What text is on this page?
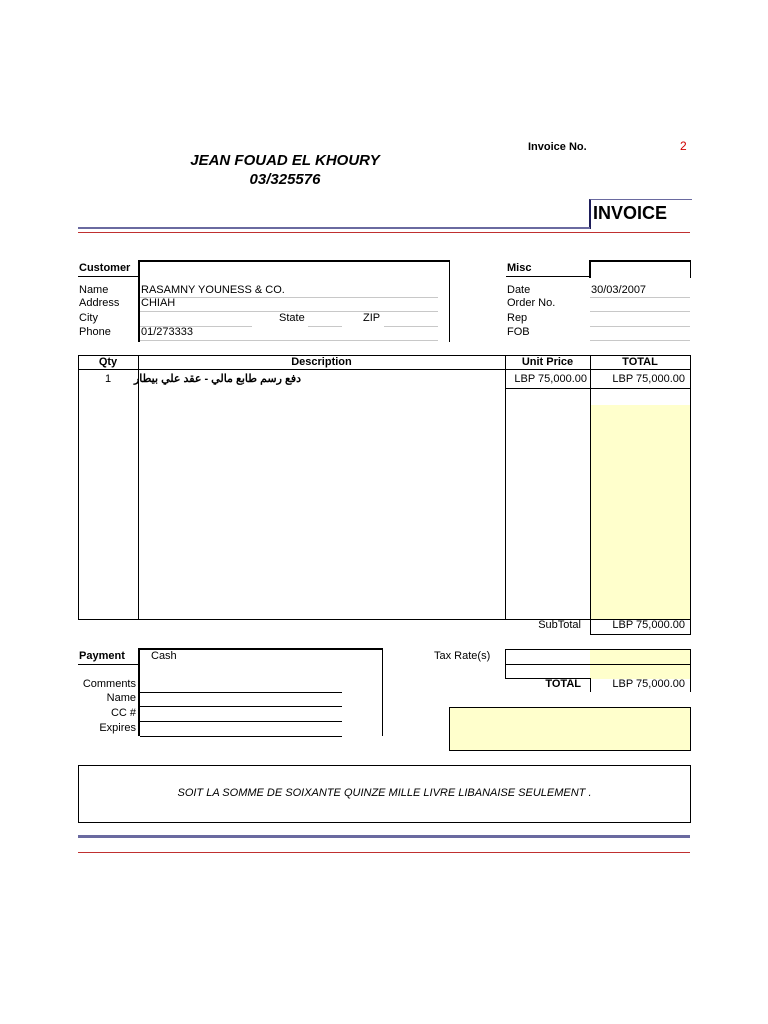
JEAN FOUAD EL KHOURY
03/325576
Invoice No.	2
INVOICE
Customer
Name	RASAMNY YOUNESS & CO.
Address CHIAH
City	State	ZIP
Phone	01/273333
Misc
Date	30/03/2007
Order No.
Rep
FOB
Qty	Description	Unit Price	TOTAL
1	دفع رسم طابع مالي - عقد علي بيطار	LBP 75,000.00	LBP 75,000.00
SubTotal	LBP 75,000.00
Tax Rate(s)
TOTAL	LBP 75,000.00
Payment Cash
Comments
Name
CC #
Expires
SOIT LA SOMME DE SOIXANTE QUINZE MILLE LIVRE LIBANAISE SEULEMENT .
